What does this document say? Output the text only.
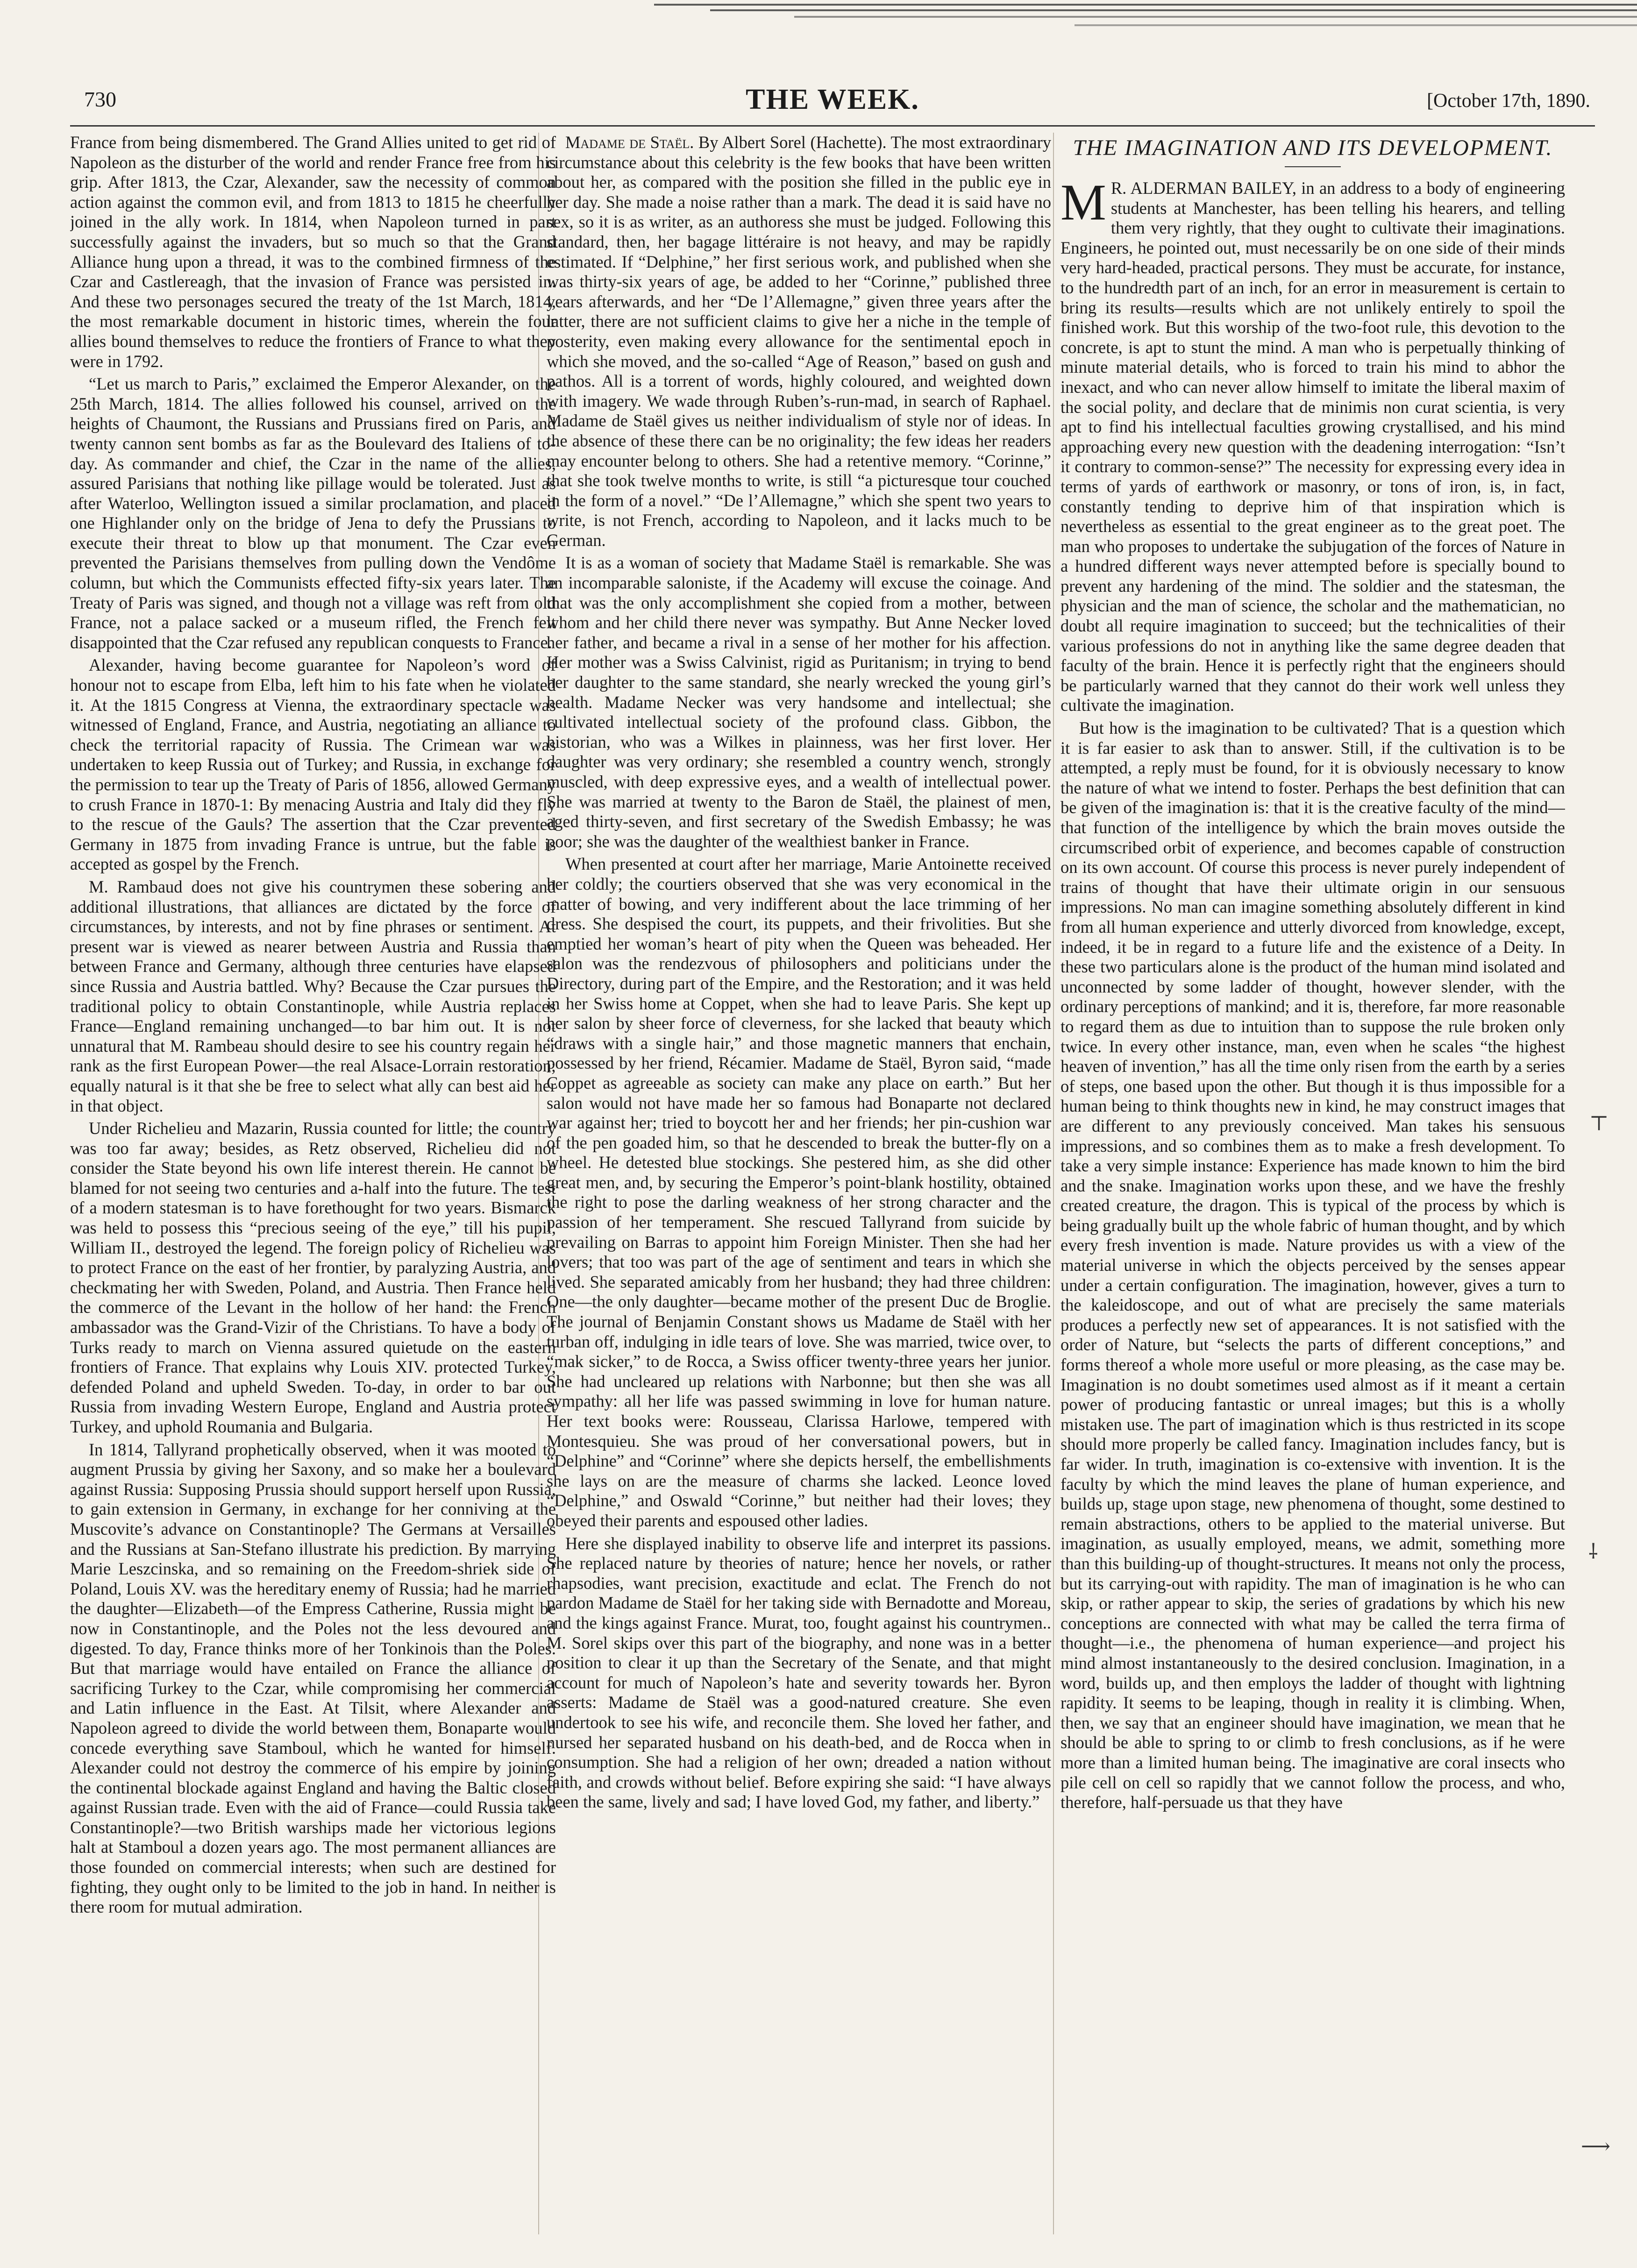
730	THE WEEK.	[October 17th, 1890.

France from being dismembered. The Grand Allies united to get rid of Napoleon as the disturber of the world and render France free from his grip. After 1813, the Czar, Alexander, saw the necessity of common action against the common evil, and from 1813 to 1815 he cheerfully joined in the ally work. In 1814, when Napoleon turned in part successfully against the invaders, but so much so that the Grand Alliance hung upon a thread, it was to the combined firmness of the Czar and Castlereagh, that the invasion of France was persisted in. And these two personages secured the treaty of the 1st March, 1814, the most remarkable document in historic times, wherein the four allies bound themselves to reduce the frontiers of France to what they were in 1792.

“Let us march to Paris,” exclaimed the Emperor Alexander, on the 25th March, 1814. The allies followed his counsel, arrived on the heights of Chaumont, the Russians and Prussians fired on Paris, and twenty cannon sent bombs as far as the Boulevard des Italiens of to-day. As commander and chief, the Czar in the name of the allies, assured Parisians that nothing like pillage would be tolerated. Just as after Waterloo, Wellington issued a similar proclamation, and placed one Highlander only on the bridge of Jena to defy the Prussians to execute their threat to blow up that monument. The Czar even prevented the Parisians themselves from pulling down the Vendôme column, but which the Communists effected fifty-six years later. The Treaty of Paris was signed, and though not a village was reft from old France, not a palace sacked or a museum rifled, the French felt disappointed that the Czar refused any republican conquests to France.

Alexander, having become guarantee for Napoleon’s word of honour not to escape from Elba, left him to his fate when he violated it. At the 1815 Congress at Vienna, the extraordinary spectacle was witnessed of England, France, and Austria, negotiating an alliance to check the territorial rapacity of Russia. The Crimean war was undertaken to keep Russia out of Turkey; and Russia, in exchange for the permission to tear up the Treaty of Paris of 1856, allowed Germany to crush France in 1870-1: By menacing Austria and Italy did they fly to the rescue of the Gauls? The assertion that the Czar prevented Germany in 1875 from invading France is untrue, but the fable is accepted as gospel by the French.

M. Rambaud does not give his countrymen these sobering and additional illustrations, that alliances are dictated by the force of circumstances, by interests, and not by fine phrases or sentiment. At present war is viewed as nearer between Austria and Russia than between France and Germany, although three centuries have elapsed since Russia and Austria battled. Why? Because the Czar pursues the traditional policy to obtain Constantinople, while Austria replaces France—England remaining unchanged—to bar him out. It is not unnatural that M. Rambeau should desire to see his country regain her rank as the first European Power—the real Alsace-Lorrain restoration; equally natural is it that she be free to select what ally can best aid her in that object.

Under Richelieu and Mazarin, Russia counted for little; the country was too far away; besides, as Retz observed, Richelieu did not consider the State beyond his own life interest therein. He cannot be blamed for not seeing two centuries and a-half into the future. The test of a modern statesman is to have forethought for two years. Bismarck was held to possess this “precious seeing of the eye,” till his pupil, William II., destroyed the legend. The foreign policy of Richelieu was to protect France on the east of her frontier, by paralyzing Austria, and checkmating her with Sweden, Poland, and Austria. Then France held the commerce of the Levant in the hollow of her hand: the French ambassador was the Grand-Vizir of the Christians. To have a body of Turks ready to march on Vienna assured quietude on the eastern frontiers of France. That explains why Louis XIV. protected Turkey, defended Poland and upheld Sweden. To-day, in order to bar out Russia from invading Western Europe, England and Austria protect Turkey, and uphold Roumania and Bulgaria.

In 1814, Tallyrand prophetically observed, when it was mooted to augment Prussia by giving her Saxony, and so make her a boulevard against Russia: Supposing Prussia should support herself upon Russia, to gain extension in Germany, in exchange for her conniving at the Muscovite’s advance on Constantinople? The Germans at Versailles and the Russians at San-Stefano illustrate his prediction. By marrying Marie Leszcinska, and so remaining on the Freedom-shriek side of Poland, Louis XV. was the hereditary enemy of Russia; had he married the daughter—Elizabeth—of the Empress Catherine, Russia might be now in Constantinople, and the Poles not the less devoured and digested. To day, France thinks more of her Tonkinois than the Poles. But that marriage would have entailed on France the alliance of sacrificing Turkey to the Czar, while compromising her commercial and Latin influence in the East. At Tilsit, where Alexander and Napoleon agreed to divide the world between them, Bonaparte would concede everything save Stamboul, which he wanted for himself. Alexander could not destroy the commerce of his empire by joining the continental blockade against England and having the Baltic closed against Russian trade. Even with the aid of France—could Russia take Constantinople?—two British warships made her victorious legions halt at Stamboul a dozen years ago. The most permanent alliances are those founded on commercial interests; when such are destined for fighting, they ought only to be limited to the job in hand. In neither is there room for mutual admiration.

Madame de Staël. By Albert Sorel (Hachette). The most extraordinary circumstance about this celebrity is the few books that have been written about her, as compared with the position she filled in the public eye in her day. She made a noise rather than a mark. The dead it is said have no sex, so it is as writer, as an authoress she must be judged. Following this standard, then, her bagage littéraire is not heavy, and may be rapidly estimated. If “Delphine,” her first serious work, and published when she was thirty-six years of age, be added to her “Corinne,” published three years afterwards, and her “De l’Allemagne,” given three years after the latter, there are not sufficient claims to give her a niche in the temple of posterity, even making every allowance for the sentimental epoch in which she moved, and the so-called “Age of Reason,” based on gush and pathos. All is a torrent of words, highly coloured, and weighted down with imagery. We wade through Ruben’s-run-mad, in search of Raphael. Madame de Staël gives us neither individualism of style nor of ideas. In the absence of these there can be no originality; the few ideas her readers may encounter belong to others. She had a retentive memory. “Corinne,” that she took twelve months to write, is still “a picturesque tour couched in the form of a novel.” “De l’Allemagne,” which she spent two years to write, is not French, according to Napoleon, and it lacks much to be German.

It is as a woman of society that Madame Staël is remarkable. She was an incomparable saloniste, if the Academy will excuse the coinage. And that was the only accomplishment she copied from a mother, between whom and her child there never was sympathy. But Anne Necker loved her father, and became a rival in a sense of her mother for his affection. Her mother was a Swiss Calvinist, rigid as Puritanism; in trying to bend her daughter to the same standard, she nearly wrecked the young girl’s health. Madame Necker was very handsome and intellectual; she cultivated intellectual society of the profound class. Gibbon, the historian, who was a Wilkes in plainness, was her first lover. Her daughter was very ordinary; she resembled a country wench, strongly muscled, with deep expressive eyes, and a wealth of intellectual power. She was married at twenty to the Baron de Staël, the plainest of men, aged thirty-seven, and first secretary of the Swedish Embassy; he was poor; she was the daughter of the wealthiest banker in France.

When presented at court after her marriage, Marie Antoinette received her coldly; the courtiers observed that she was very economical in the matter of bowing, and very indifferent about the lace trimming of her dress. She despised the court, its puppets, and their frivolities. But she emptied her woman’s heart of pity when the Queen was beheaded. Her salon was the rendezvous of philosophers and politicians under the Directory, during part of the Empire, and the Restoration; and it was held in her Swiss home at Coppet, when she had to leave Paris. She kept up her salon by sheer force of cleverness, for she lacked that beauty which “draws with a single hair,” and those magnetic manners that enchain, possessed by her friend, Récamier. Madame de Staël, Byron said, “made Coppet as agreeable as society can make any place on earth.” But her salon would not have made her so famous had Bonaparte not declared war against her; tried to boycott her and her friends; her pin-cushion war of the pen goaded him, so that he descended to break the butter-fly on a wheel. He detested blue stockings. She pestered him, as she did other great men, and, by securing the Emperor’s point-blank hostility, obtained the right to pose the darling weakness of her strong character and the passion of her temperament. She rescued Tallyrand from suicide by prevailing on Barras to appoint him Foreign Minister. Then she had her lovers; that too was part of the age of sentiment and tears in which she lived. She separated amicably from her husband; they had three children: One—the only daughter—became mother of the present Duc de Broglie. The journal of Benjamin Constant shows us Madame de Staël with her turban off, indulging in idle tears of love. She was married, twice over, to “mak sicker,” to de Rocca, a Swiss officer twenty-three years her junior. She had uncleared up relations with Narbonne; but then she was all sympathy: all her life was passed swimming in love for human nature. Her text books were: Rousseau, Clarissa Harlowe, tempered with Montesquieu. She was proud of her conversational powers, but in “Delphine” and “Corinne” where she depicts herself, the embellishments she lays on are the measure of charms she lacked. Leonce loved “Delphine,” and Oswald “Corinne,” but neither had their loves; they obeyed their parents and espoused other ladies.

Here she displayed inability to observe life and interpret its passions. She replaced nature by theories of nature; hence her novels, or rather rhapsodies, want precision, exactitude and eclat. The French do not pardon Madame de Staël for her taking side with Bernadotte and Moreau, and the kings against France. Murat, too, fought against his countrymen.. M. Sorel skips over this part of the biography, and none was in a better position to clear it up than the Secretary of the Senate, and that might account for much of Napoleon’s hate and severity towards her. Byron asserts: Madame de Staël was a good-natured creature. She even undertook to see his wife, and reconcile them. She loved her father, and nursed her separated husband on his death-bed, and de Rocca when in consumption. She had a religion of her own; dreaded a nation without faith, and crowds without belief. Before expiring she said: “I have always been the same, lively and sad; I have loved God, my father, and liberty.”

THE IMAGINATION AND ITS DEVELOPMENT.

M R. ALDERMAN BAILEY, in an address to a body of engineering students at Manchester, has been telling his hearers, and telling them very rightly, that they ought to cultivate their imaginations. Engineers, he pointed out, must necessarily be on one side of their minds very hard-headed, practical persons. They must be accurate, for instance, to the hundredth part of an inch, for an error in measurement is certain to bring its results—results which are not unlikely entirely to spoil the finished work. But this worship of the two-foot rule, this devotion to the concrete, is apt to stunt the mind. A man who is perpetually thinking of minute material details, who is forced to train his mind to abhor the inexact, and who can never allow himself to imitate the liberal maxim of the social polity, and declare that de minimis non curat scientia, is very apt to find his intellectual faculties growing crystallised, and his mind approaching every new question with the deadening interrogation: “Isn’t it contrary to common-sense?” The necessity for expressing every idea in terms of yards of earthwork or masonry, or tons of iron, is, in fact, constantly tending to deprive him of that inspiration which is nevertheless as essential to the great engineer as to the great poet. The man who proposes to undertake the subjugation of the forces of Nature in a hundred different ways never attempted before is specially bound to prevent any hardening of the mind. The soldier and the statesman, the physician and the man of science, the scholar and the mathematician, no doubt all require imagination to succeed; but the technicalities of their various professions do not in anything like the same degree deaden that faculty of the brain. Hence it is perfectly right that the engineers should be particularly warned that they cannot do their work well unless they cultivate the imagination.

But how is the imagination to be cultivated? That is a question which it is far easier to ask than to answer. Still, if the cultivation is to be attempted, a reply must be found, for it is obviously necessary to know the nature of what we intend to foster. Perhaps the best definition that can be given of the imagination is: that it is the creative faculty of the mind—that function of the intelligence by which the brain moves outside the circumscribed orbit of experience, and becomes capable of construction on its own account. Of course this process is never purely independent of trains of thought that have their ultimate origin in our sensuous impressions. No man can imagine something absolutely different in kind from all human experience and utterly divorced from knowledge, except, indeed, it be in regard to a future life and the existence of a Deity. In these two particulars alone is the product of the human mind isolated and unconnected by some ladder of thought, however slender, with the ordinary perceptions of mankind; and it is, therefore, far more reasonable to regard them as due to intuition than to suppose the rule broken only twice. In every other instance, man, even when he scales “the highest heaven of invention,” has all the time only risen from the earth by a series of steps, one based upon the other. But though it is thus impossible for a human being to think thoughts new in kind, he may construct images that are different to any previously conceived. Man takes his sensuous impressions, and so combines them as to make a fresh development. To take a very simple instance: Experience has made known to him the bird and the snake. Imagination works upon these, and we have the freshly created creature, the dragon. This is typical of the process by which is being gradually built up the whole fabric of human thought, and by which every fresh invention is made. Nature provides us with a view of the material universe in which the objects perceived by the senses appear under a certain configuration. The imagination, however, gives a turn to the kaleidoscope, and out of what are precisely the same materials produces a perfectly new set of appearances. It is not satisfied with the order of Nature, but “selects the parts of different conceptions,” and forms thereof a whole more useful or more pleasing, as the case may be. Imagination is no doubt sometimes used almost as if it meant a certain power of producing fantastic or unreal images; but this is a wholly mistaken use. The part of imagination which is thus restricted in its scope should more properly be called fancy. Imagination includes fancy, but is far wider. In truth, imagination is co-extensive with invention. It is the faculty by which the mind leaves the plane of human experience, and builds up, stage upon stage, new phenomena of thought, some destined to remain abstractions, others to be applied to the material universe. But imagination, as usually employed, means, we admit, something more than this building-up of thought-structures. It means not only the process, but its carrying-out with rapidity. The man of imagination is he who can skip, or rather appear to skip, the series of gradations by which his new conceptions are connected with what may be called the terra firma of thought—i.e., the phenomena of human experience—and project his mind almost instantaneously to the desired conclusion. Imagination, in a word, builds up, and then employs the ladder of thought with lightning rapidity. It seems to be leaping, though in reality it is climbing. When, then, we say that an engineer should have imagination, we mean that he should be able to spring to or climb to fresh conclusions, as if he were more than a limited human being. The imaginative are coral insects who pile cell on cell so rapidly that we cannot follow the process, and who, therefore, half-persuade us that they have

⊤
⸸
⟶
